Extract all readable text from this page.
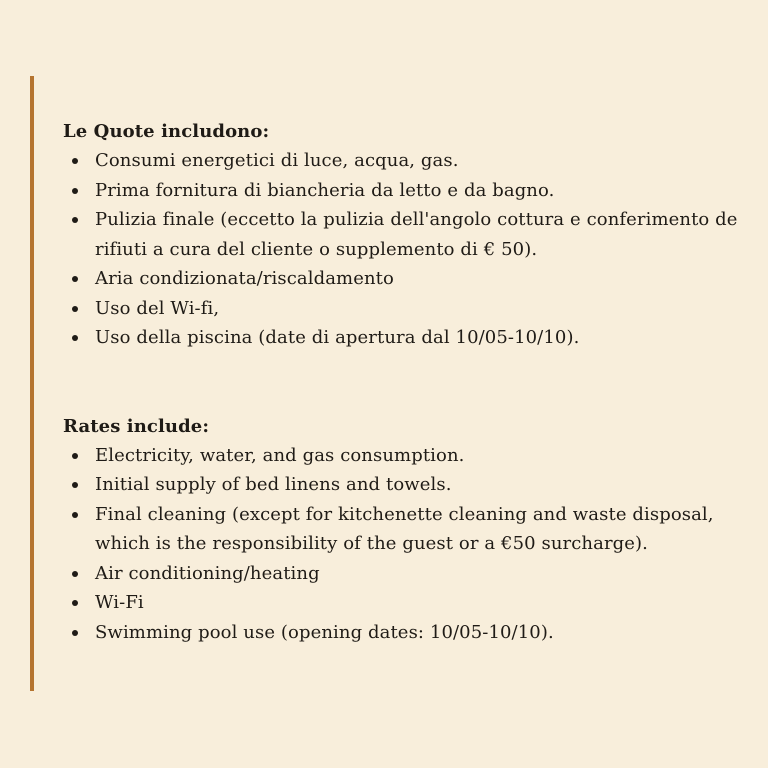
Le Quote includono:

Consumi energetici di luce, acqua, gas.
Prima fornitura di biancheria da letto e da bagno.
Pulizia finale (eccetto la pulizia dell'angolo cottura e conferimento de
rifiuti a cura del cliente o supplemento di € 50).
Aria condizionata/riscaldamento
Uso del Wi-fi,
Uso della piscina (date di apertura dal 10/05-10/10).

Rates include:

Electricity, water, and gas consumption.
Initial supply of bed linens and towels.
Final cleaning (except for kitchenette cleaning and waste disposal,
which is the responsibility of the guest or a €50 surcharge).
Air conditioning/heating
Wi-Fi
Swimming pool use (opening dates: 10/05-10/10).
